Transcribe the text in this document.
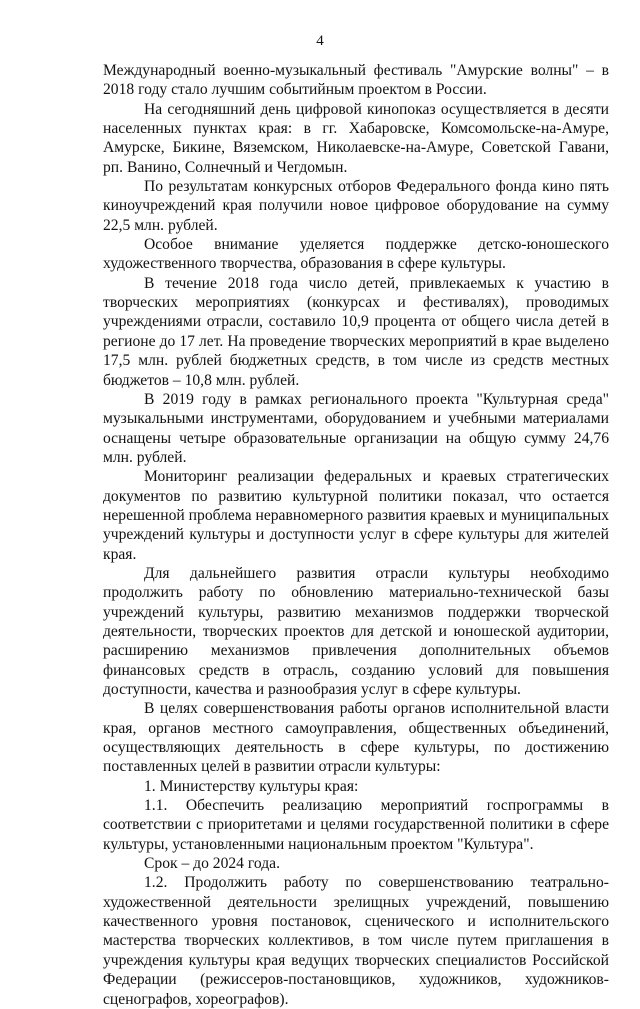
4

Международный военно-музыкальный фестиваль "Амурские волны" – в 2018 году стало лучшим событийным проектом в России.

На сегодняшний день цифровой кинопоказ осуществляется в десяти населенных пунктах края: в гг. Хабаровске, Комсомольске-на-Амуре, Амурске, Бикине, Вяземском, Николаевске-на-Амуре, Советской Гавани, рп. Ванино, Солнечный и Чегдомын.

По результатам конкурсных отборов Федерального фонда кино пять киноучреждений края получили новое цифровое оборудование на сумму 22,5 млн. рублей.

Особое внимание уделяется поддержке детско-юношеского художественного творчества, образования в сфере культуры.

В течение 2018 года число детей, привлекаемых к участию в творческих мероприятиях (конкурсах и фестивалях), проводимых учреждениями отрасли, составило 10,9 процента от общего числа детей в регионе до 17 лет. На проведение творческих мероприятий в крае выделено 17,5 млн. рублей бюджетных средств, в том числе из средств местных бюджетов – 10,8 млн. рублей.

В 2019 году в рамках регионального проекта "Культурная среда" музыкальными инструментами, оборудованием и учебными материалами оснащены четыре образовательные организации на общую сумму 24,76 млн. рублей.

Мониторинг реализации федеральных и краевых стратегических документов по развитию культурной политики показал, что остается нерешенной проблема неравномерного развития краевых и муниципальных учреждений культуры и доступности услуг в сфере культуры для жителей края.

Для дальнейшего развития отрасли культуры необходимо продолжить работу по обновлению материально-технической базы учреждений культуры, развитию механизмов поддержки творческой деятельности, творческих проектов для детской и юношеской аудитории, расширению механизмов привлечения дополнительных объемов финансовых средств в отрасль, созданию условий для повышения доступности, качества и разнообразия услуг в сфере культуры.

В целях совершенствования работы органов исполнительной власти края, органов местного самоуправления, общественных объединений, осуществляющих деятельность в сфере культуры, по достижению поставленных целей в развитии отрасли культуры:

1. Министерству культуры края:

1.1. Обеспечить реализацию мероприятий госпрограммы в соответствии с приоритетами и целями государственной политики в сфере культуры, установленными национальным проектом "Культура".

Срок – до 2024 года.

1.2. Продолжить работу по совершенствованию театрально-художественной деятельности зрелищных учреждений, повышению качественного уровня постановок, сценического и исполнительского мастерства творческих коллективов, в том числе путем приглашения в учреждения культуры края ведущих творческих специалистов Российской Федерации (режиссеров-постановщиков, художников, художников-сценографов, хореографов).
